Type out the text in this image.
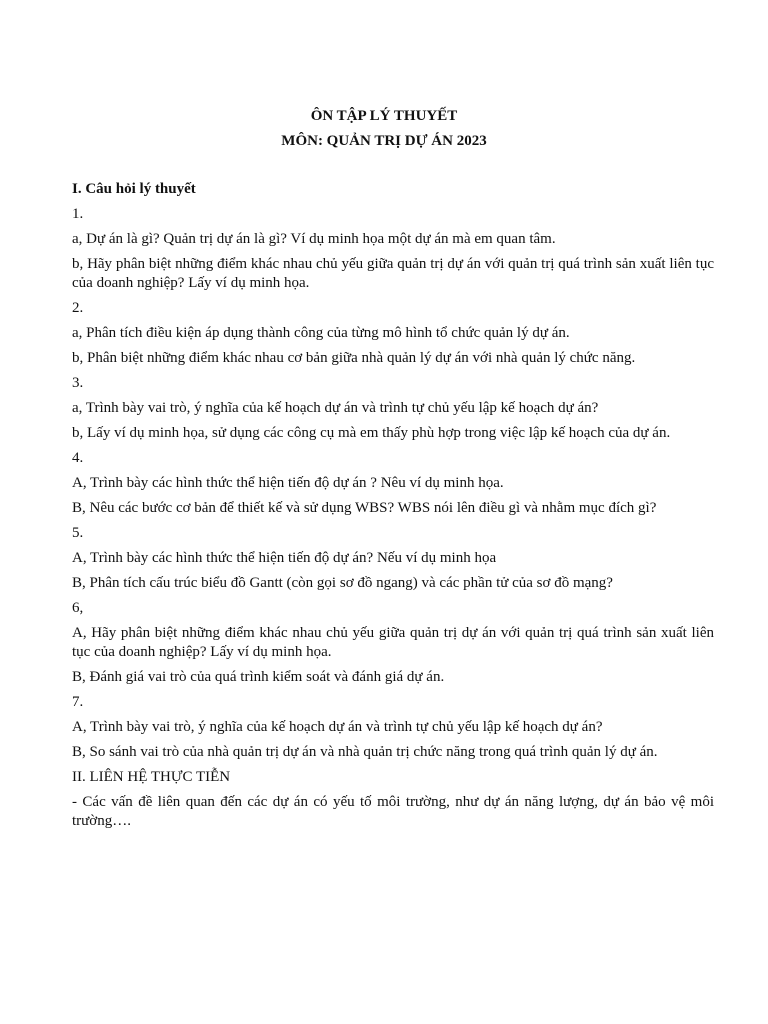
ÔN TẬP LÝ THUYẾT

MÔN: QUẢN TRỊ DỰ ÁN 2023

I. Câu hỏi lý thuyết

1.

a, Dự án là gì? Quản trị dự án là gì? Ví dụ minh họa một dự án mà em quan tâm.

b, Hãy phân biệt những điểm khác nhau chủ yếu giữa quản trị dự án với quản trị quá trình sản xuất liên tục của doanh nghiệp? Lấy ví dụ minh họa.

2.

a, Phân tích điều kiện áp dụng thành công của từng mô hình tổ chức quản lý dự án.

b, Phân biệt những điểm khác nhau cơ bản giữa nhà quản lý dự án với nhà quản lý chức năng.

3.

a, Trình bày vai trò, ý nghĩa của kế hoạch dự án và trình tự chủ yếu lập kế hoạch dự án?

b, Lấy ví dụ minh họa, sử dụng các công cụ mà em thấy phù hợp trong việc lập kế hoạch của dự án.

4.

A, Trình bày các hình thức thể hiện tiến độ dự án ? Nêu ví dụ minh họa.

B, Nêu các bước cơ bản để thiết kế và sử dụng WBS? WBS nói lên điều gì và nhằm mục đích gì?

5.

A, Trình bày các hình thức thể hiện tiến độ dự án? Nếu ví dụ minh họa

B, Phân tích cấu trúc biểu đồ Gantt (còn gọi sơ đồ ngang) và các phần tử của sơ đồ mạng?

6,

A, Hãy phân biệt những điểm khác nhau chủ yếu giữa quản trị dự án với quản trị quá trình sản xuất liên tục của doanh nghiệp? Lấy ví dụ minh họa.

B, Đánh giá vai trò của quá trình kiểm soát và đánh giá dự án.

7.

A, Trình bày vai trò, ý nghĩa của kế hoạch dự án và trình tự chủ yếu lập kế hoạch dự án?

B, So sánh vai trò của nhà quản trị dự án và nhà quản trị chức năng trong quá trình quản lý dự án.

II. LIÊN HỆ THỰC TIỄN

- Các vấn đề liên quan đến các dự án có yếu tố môi trường, như dự án năng lượng, dự án bảo vệ môi trường….
